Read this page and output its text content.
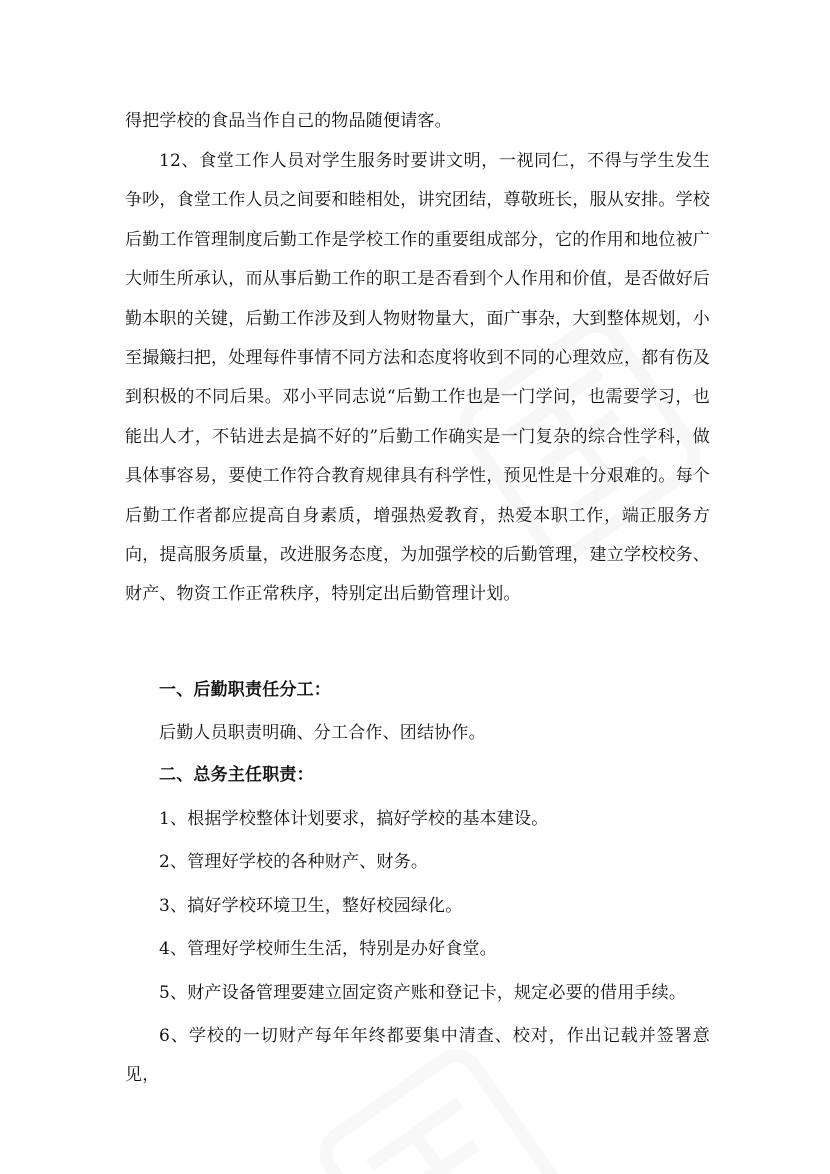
得把学校的食品当作自己的物品随便请客。

12、食堂工作人员对学生服务时要讲文明，一视同仁，不得与学生发生争吵，食堂工作人员之间要和睦相处，讲究团结，尊敬班长，服从安排。学校后勤工作管理制度后勤工作是学校工作的重要组成部分，它的作用和地位被广大师生所承认，而从事后勤工作的职工是否看到个人作用和价值，是否做好后勤本职的关键，后勤工作涉及到人物财物量大，面广事杂，大到整体规划，小至撮簸扫把，处理每件事情不同方法和态度将收到不同的心理效应，都有伤及到积极的不同后果。邓小平同志说“后勤工作也是一门学问，也需要学习，也能出人才，不钻进去是搞不好的”后勤工作确实是一门复杂的综合性学科，做具体事容易，要使工作符合教育规律具有科学性，预见性是十分艰难的。每个后勤工作者都应提高自身素质，增强热爱教育，热爱本职工作，端正服务方向，提高服务质量，改进服务态度，为加强学校的后勤管理，建立学校校务、财产、物资工作正常秩序，特别定出后勤管理计划。

一、后勤职责任分工：

后勤人员职责明确、分工合作、团结协作。

二、总务主任职责：

1、根据学校整体计划要求，搞好学校的基本建设。

2、管理好学校的各种财产、财务。

3、搞好学校环境卫生，整好校园绿化。

4、管理好学校师生生活，特别是办好食堂。

5、财产设备管理要建立固定资产账和登记卡，规定必要的借用手续。

6、学校的一切财产每年年终都要集中清查、校对，作出记载并签署意见，
